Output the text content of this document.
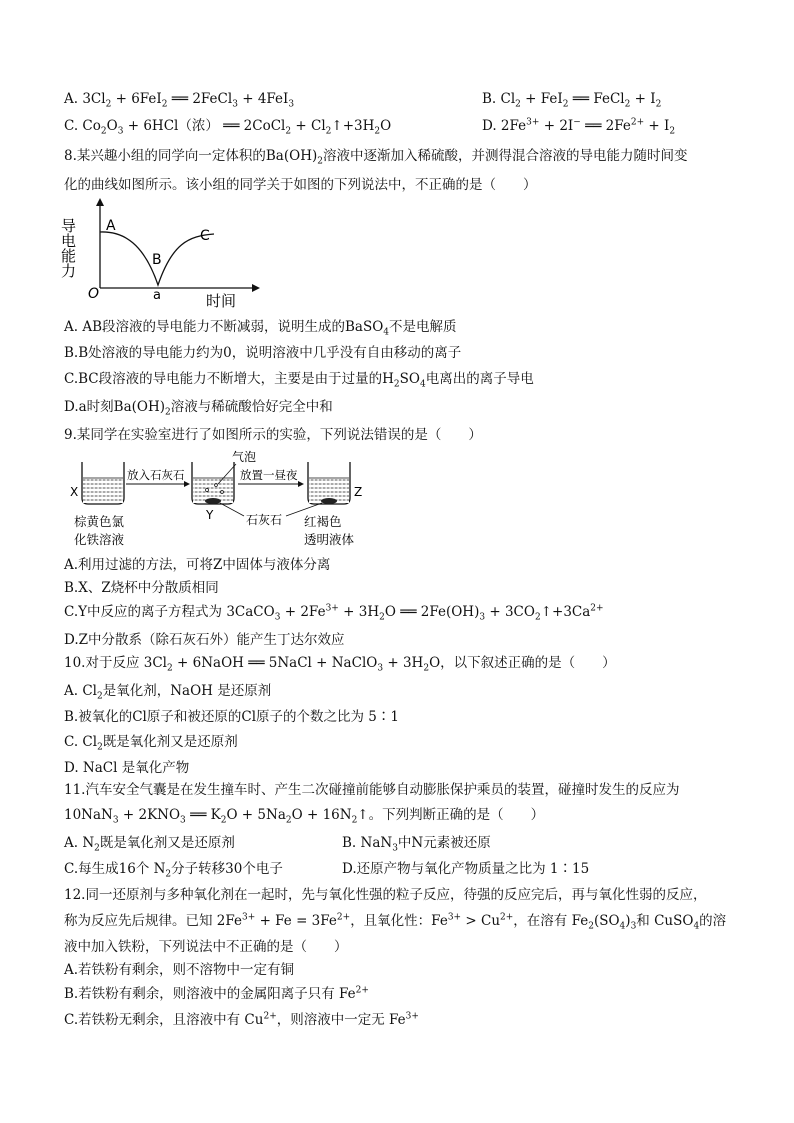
A. $3Cl_2 + 6FeI_2$ ══ 2FeCl$_3$ + 4FeI$_3$	B. $Cl_2 + FeI_2$ ══ FeCl$_2$ + $I_2$
C. $Co_2O_3 + 6HCl$（浓） ══ 2CoCl$_2$ + $Cl_2↑+3H_2O$	D. $2Fe^{3+} + 2I^-$ ══ $2Fe^{2+} + I_2$
8.某兴趣小组的同学向一定体积的$Ba(OH)_2$溶液中逐渐加入稀硫酸，并测得混合溶液的导电能力随时间变
化的曲线如图所示。该小组的同学关于如图的下列说法中，不正确的是（　　）
导电能力
O
A
B
C
a	时间
A. AB段溶液的导电能力不断减弱，说明生成的BaSO$_4$不是电解质
B.B处溶液的导电能力约为0，说明溶液中几乎没有自由移动的离子
C.BC段溶液的导电能力不断增大，主要是由于过量的$H_2SO_4$电离出的离子导电
D.a时刻$Ba(OH)_2$溶液与稀硫酸恰好完全中和
9.某同学在实验室进行了如图所示的实验，下列说法错误的是（　　）
X
放入石灰石
气泡
Y
放置一昼夜
Z
石灰石
棕黄色氯
化铁溶液
红褐色
透明液体
A.利用过滤的方法，可将Z中固体与液体分离
B.X、Z烧杯中分散质相同
C.Y中反应的离子方程式为 3CaCO$_3$ + $2Fe^{3+} + 3H_2O$ ══ $2Fe(OH)_3$ + $3CO_2↑+3Ca^{2+}$
D.Z中分散系（除石灰石外）能产生丁达尔效应
10.对于反应 $3Cl_2$ + 6NaOH ══ 5NaCl + NaClO$_3$ + $3H_2O$，以下叙述正确的是（　　）
A. $Cl_2$是氧化剂，NaOH 是还原剂
B.被氧化的Cl原子和被还原的Cl原子的个数之比为 5∶1
C. $Cl_2$既是氧化剂又是还原剂
D. NaCl 是氧化产物
11.汽车安全气囊是在发生撞车时、产生二次碰撞前能够自动膨胀保护乘员的装置，碰撞时发生的反应为
$10NaN_3 + 2KNO_3$ ══ $K_2O + 5Na_2O$ + $16N_2↑$。下列判断正确的是（　　）
A. $N_2$既是氧化剂又是还原剂	B. NaN$_3$中N元素被还原
C.每生成16个 $N_2$分子转移30个电子	D.还原产物与氧化产物质量之比为 1∶15
12.同一还原剂与多种氧化剂在一起时，先与氧化性强的粒子反应，待强的反应完后，再与氧化性弱的反应，
称为反应先后规律。已知 $2Fe^{3+} + Fe = 3Fe^{2+}$，且氧化性：$Fe^{3+} > Cu^{2+}$，在溶有 $Fe_2(SO_4)_3$和 CuSO$_4$的溶
液中加入铁粉，下列说法中不正确的是（　　）
A.若铁粉有剩余，则不溶物中一定有铜
B.若铁粉有剩余，则溶液中的金属阳离子只有 $Fe^{2+}$
C.若铁粉无剩余，且溶液中有 $Cu^{2+}$，则溶液中一定无 $Fe^{3+}$
